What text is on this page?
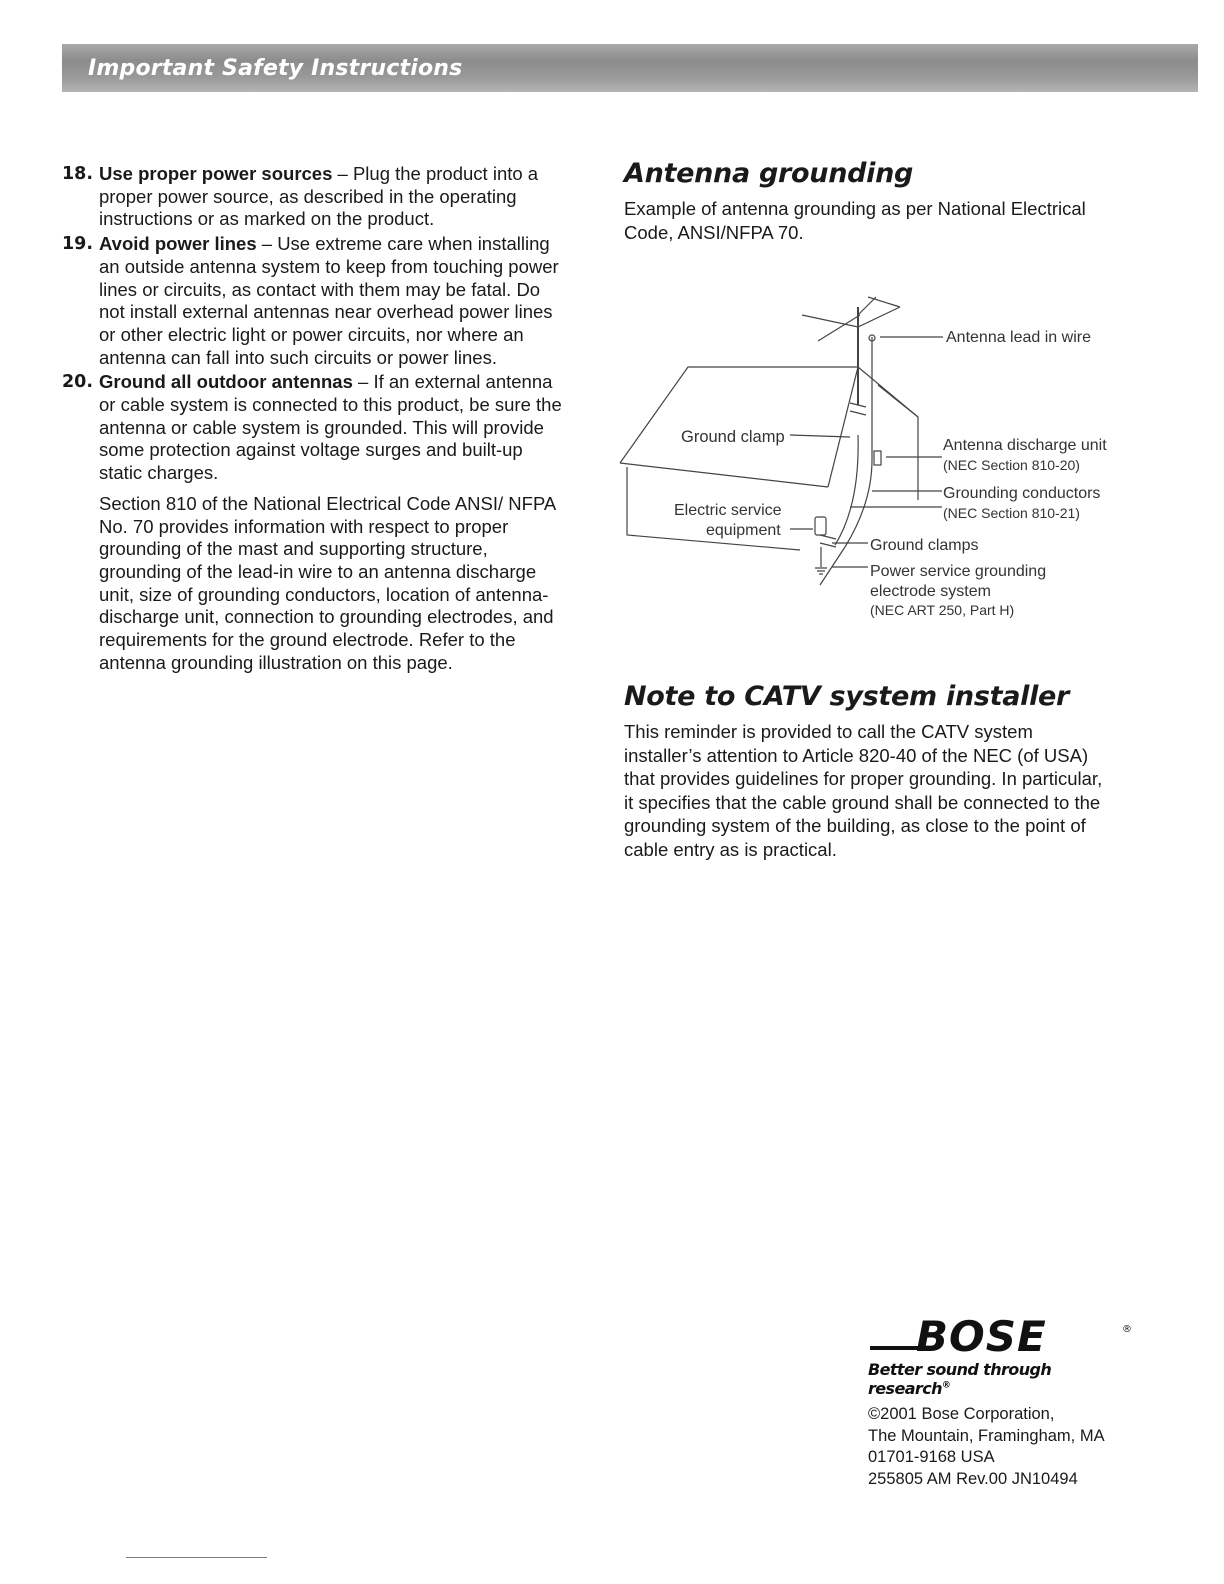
Important Safety Instructions
18. Use proper power sources – Plug the product into a proper power source, as described in the operating instructions or as marked on the product.
19. Avoid power lines – Use extreme care when installing an outside antenna system to keep from touching power lines or circuits, as contact with them may be fatal. Do not install external antennas near overhead power lines or other electric light or power circuits, nor where an antenna can fall into such circuits or power lines.
20. Ground all outdoor antennas – If an external antenna or cable system is connected to this product, be sure the antenna or cable system is grounded. This will provide some protection against voltage surges and built-up static charges.
Section 810 of the National Electrical Code ANSI/ NFPA No. 70 provides information with respect to proper grounding of the mast and supporting structure, grounding of the lead-in wire to an antenna discharge unit, size of grounding conductors, location of antenna-discharge unit, connection to grounding electrodes, and requirements for the ground electrode. Refer to the antenna grounding illustration on this page.
Antenna grounding
Example of antenna grounding as per National Electrical Code, ANSI/NFPA 70.
Antenna lead in wire
Ground clamp	Antenna discharge unit
(NEC Section 810-20)
Grounding conductors
(NEC Section 810-21)
Electric service
equipment
Ground clamps
Power service grounding
electrode system
(NEC ART 250, Part H)
Note to CATV system installer
This reminder is provided to call the CATV system installer’s attention to Article 820-40 of the NEC (of USA) that provides guidelines for proper grounding. In particular, it specifies that the cable ground shall be connected to the grounding system of the building, as close to the point of cable entry as is practical.
BOSE	®
Better sound through research®
©2001 Bose Corporation,
The Mountain, Framingham, MA
01701-9168 USA
255805 AM Rev.00 JN10494
